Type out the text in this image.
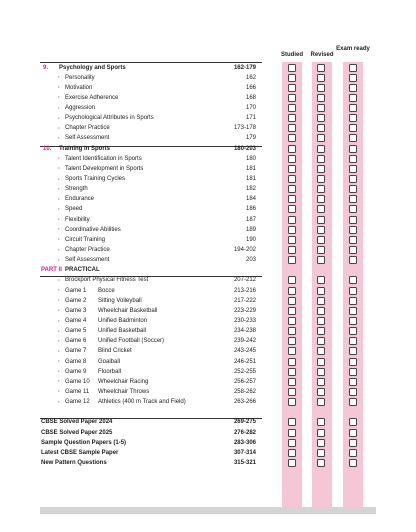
Studied	Revised
Exam ready
9. Psychology and Sports	162-179
Personality	162
Motivation	166
Exercise Adherence	168
Aggression	170
Psychological Attributes in Sports	171
Chapter Practice	173-178
Self Assessment	179
10. Training in Sports	180-203
Talent Identification in Sports	180
Talent Development in Sports	181
Sports Training Cycles	181
Strength	182
Endurance	184
Speed	186
Flexibility	187
Coordinative Abilities	189
Circuit Training	190
Chapter Practice	194-202
Self Assessment	203
PART II PRACTICAL
Brockport Physical Fitness Test	207-212
Game 1 Bocce	213-216
Game 2 Sitting Volleyball	217-222
Game 3 Wheelchair Basketball	223-229
Game 4 Unified Badminton	230-233
Game 5 Unified Basketball	234-238
Game 6 Unified Football (Soccer)	239-242
Game 7 Blind Cricket	243-245
Game 8 Goalball	246-251
Game 9 Floorball	252-255
Game 10 Wheelchair Racing	256-257
Game 11 Wheelchair Throws	258-262
Game 12 Athletics (400 m Track and Field)	263-266
CBSE Solved Paper 2024	269-275
CBSE Solved Paper 2025	276-282
Sample Question Papers (1-5)	283-306
Latest CBSE Sample Paper	307-314
New Pattern Questions	315-321
